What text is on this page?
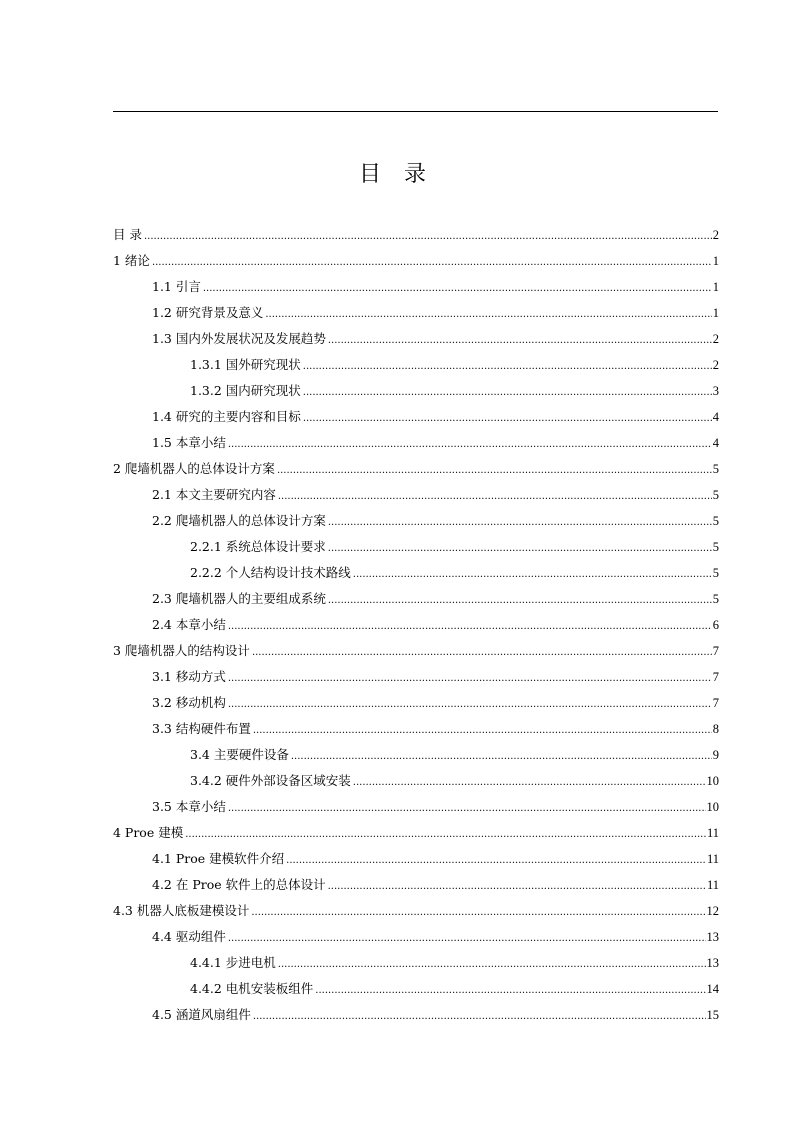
目 录
目 录 .....	2
1 绪论 .....	1
1.1 引言 .....	1
1.2 研究背景及意义 .....	1
1.3 国内外发展状况及发展趋势 .....	2
1.3.1 国外研究现状 .....	2
1.3.2 国内研究现状 .....	3
1.4 研究的主要内容和目标 .....	4
1.5 本章小结 .....	4
2 爬墙机器人的总体设计方案 .....	5
2.1 本文主要研究内容 .....	5
2.2 爬墙机器人的总体设计方案 .....	5
2.2.1 系统总体设计要求 .....	5
2.2.2 个人结构设计技术路线 .....	5
2.3 爬墙机器人的主要组成系统 .....	5
2.4 本章小结 .....	6
3 爬墙机器人的结构设计 .....	7
3.1 移动方式 .....	7
3.2 移动机构 .....	7
3.3 结构硬件布置 .....	8
3.4 主要硬件设备 .....	9
3.4.2 硬件外部设备区域安装 .....	10
3.5 本章小结 .....	10
4 Proe 建模 .....	11
4.1 Proe 建模软件介绍 .....	11
4.2 在 Proe 软件上的总体设计 .....	11
4.3 机器人底板建模设计 .....	12
4.4 驱动组件 .....	13
4.4.1 步进电机 .....	13
4.4.2 电机安装板组件 .....	14
4.5 涵道风扇组件 .....	15
